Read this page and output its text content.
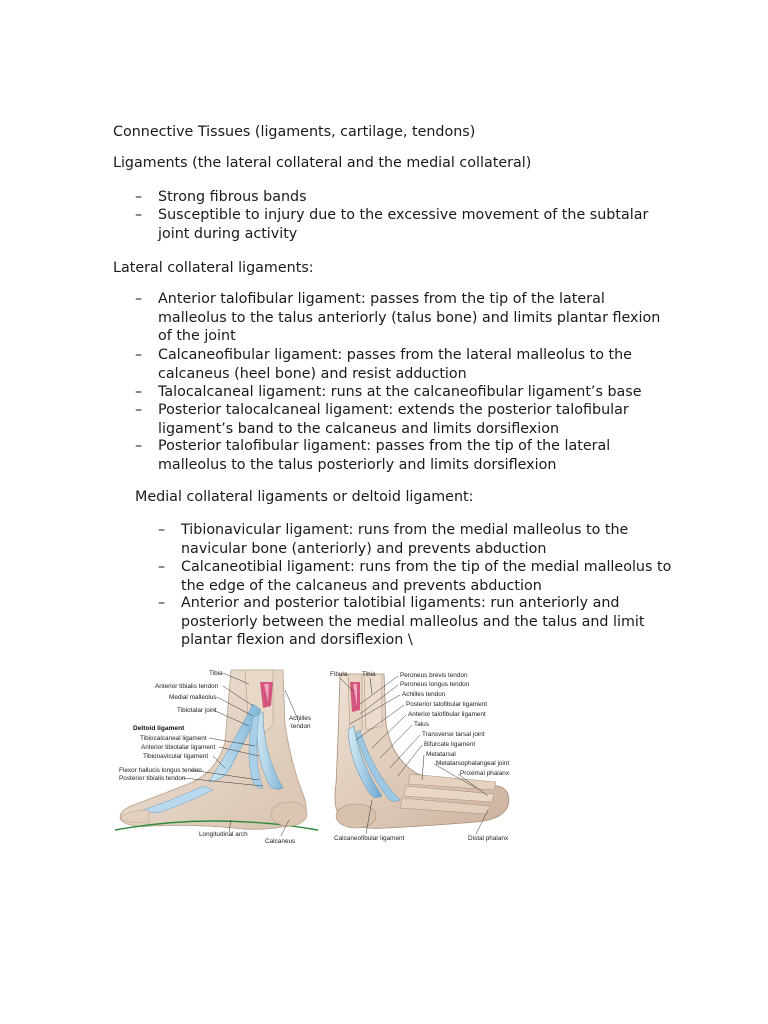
Connective Tissues (ligaments, cartilage, tendons)
Ligaments (the lateral collateral and the medial collateral)
– Strong fibrous bands
– Susceptible to injury due to the excessive movement of the subtalar
joint during activity
Lateral collateral ligaments:
– Anterior talofibular ligament: passes from the tip of the lateral
malleolus to the talus anteriorly (talus bone) and limits plantar flexion
of the joint
– Calcaneofibular ligament: passes from the lateral malleolus to the
calcaneus (heel bone) and resist adduction
– Talocalcaneal ligament: runs at the calcaneofibular ligament’s base
– Posterior talocalcaneal ligament: extends the posterior talofibular
ligament’s band to the calcaneus and limits dorsiflexion
– Posterior talofibular ligament: passes from the tip of the lateral
malleolus to the talus posteriorly and limits dorsiflexion
Medial collateral ligaments or deltoid ligament:
– Tibionavicular ligament: runs from the medial malleolus to the
navicular bone (anteriorly) and prevents abduction
– Calcaneotibial ligament: runs from the tip of the medial malleolus to
the edge of the calcaneus and prevents abduction
– Anterior and posterior talotibial ligaments: run anteriorly and
posteriorly between the medial malleolus and the talus and limit
plantar flexion and dorsiflexion \
Tibia
Anterior tibialis tendon
Medial malleolus
Tibiotalar joint
Deltoid ligament
Tibiocalcaneal ligament
Anterior tibiotalar ligament
Tibionavicular ligament
Flexor hallucis longus tendon
Posterior tibialis tendon
Achilles
tendon
Longitudinal arch
Calcaneus
Fibula Tibia	Peroneus brevis tendon
Peroneus longus tendon
Achilles tendon
Posterior talofibular ligament
Anterior talofibular ligament
Talus
Transverse tarsal joint
Bifurcate ligament
Metatarsal
Metatarsophalangeal joint
Proximal phalanx
Calcaneofibular ligament	Distal phalanx
